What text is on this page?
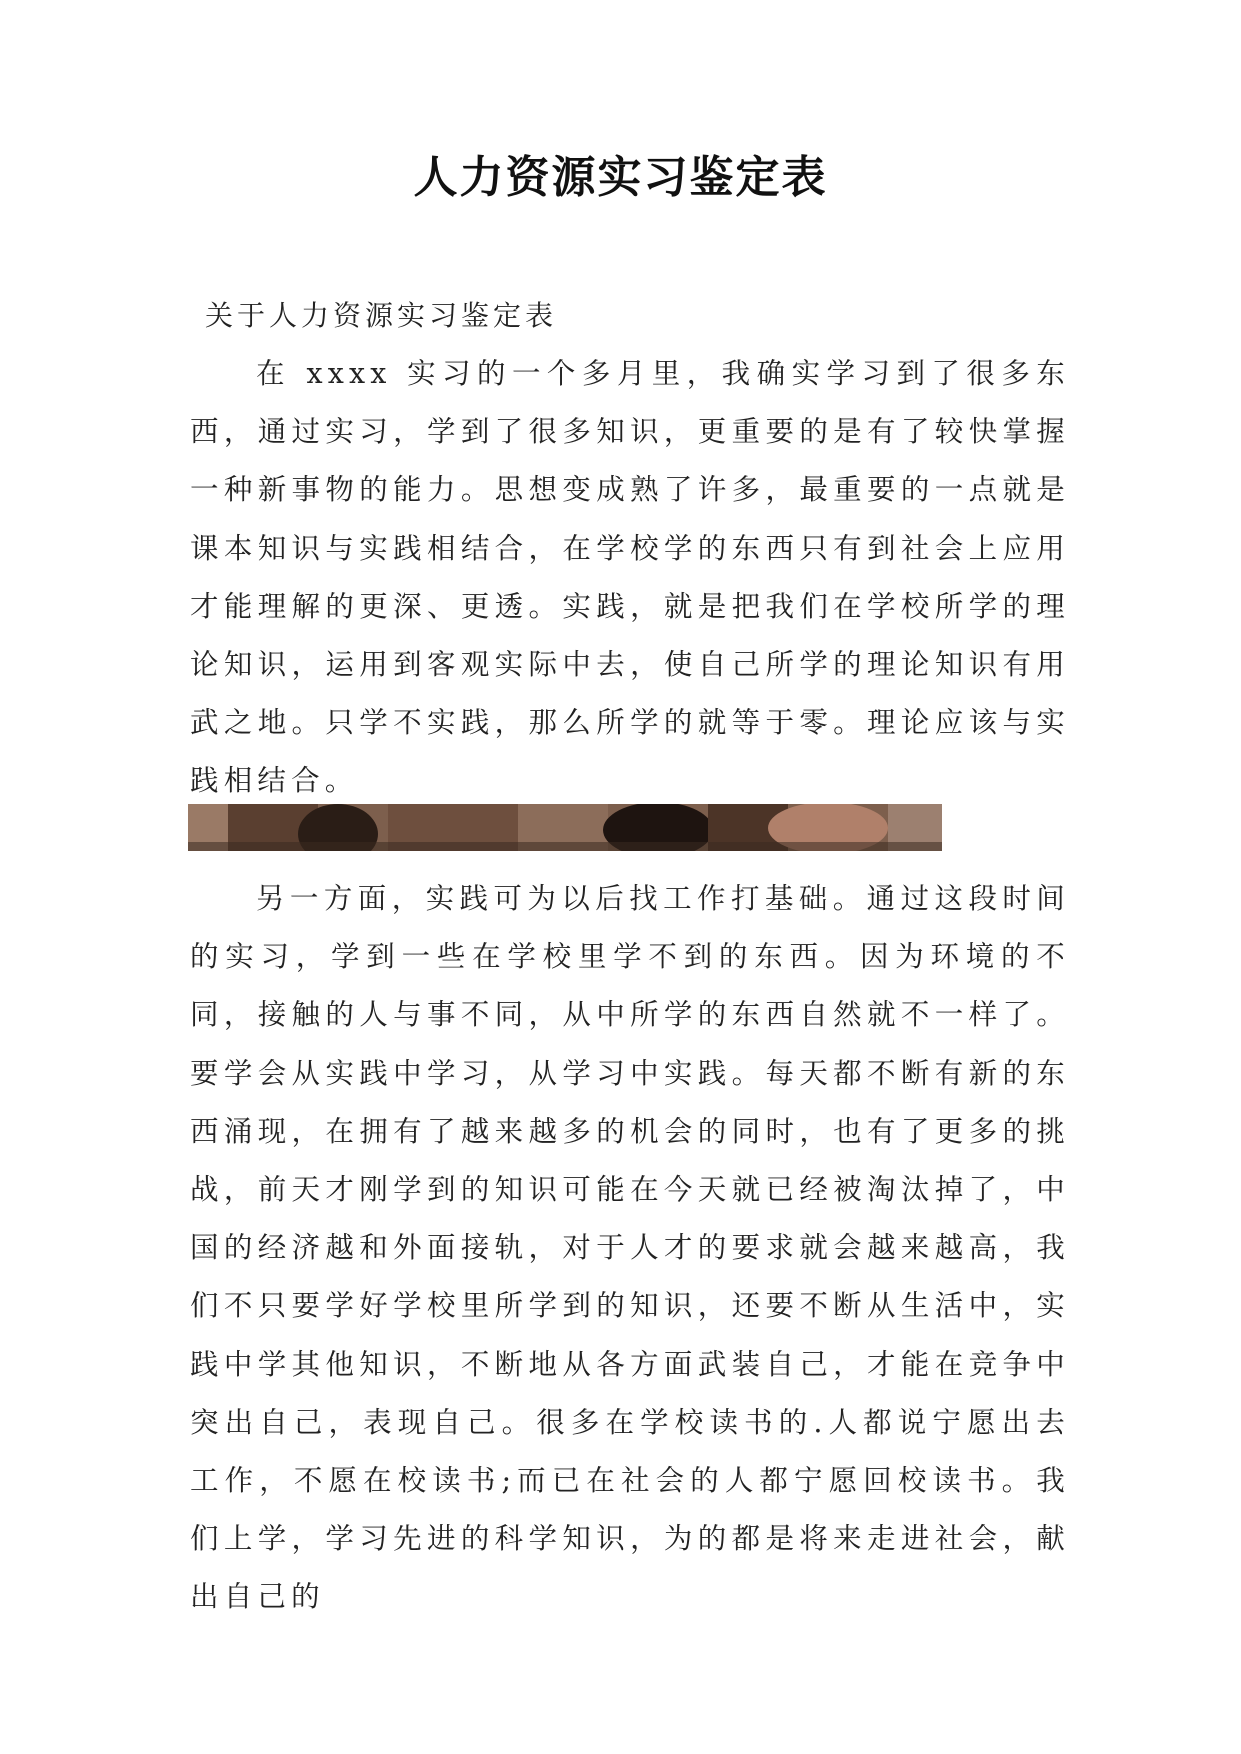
人力资源实习鉴定表
关于人力资源实习鉴定表

在 xxxx 实习的一个多月里，我确实学习到了很多东西，通过实习，学到了很多知识，更重要的是有了较快掌握一种新事物的能力。思想变成熟了许多，最重要的一点就是课本知识与实践相结合，在学校学的东西只有到社会上应用才能理解的更深、更透。实践，就是把我们在学校所学的理论知识，运用到客观实际中去，使自己所学的理论知识有用武之地。只学不实践，那么所学的就等于零。理论应该与实践相结合。

另一方面，实践可为以后找工作打基础。通过这段时间的实习，学到一些在学校里学不到的东西。因为环境的不同，接触的人与事不同，从中所学的东西自然就不一样了。要学会从实践中学习，从学习中实践。每天都不断有新的东西涌现，在拥有了越来越多的机会的同时，也有了更多的挑战，前天才刚学到的知识可能在今天就已经被淘汰掉了，中国的经济越和外面接轨，对于人才的要求就会越来越高，我们不只要学好学校里所学到的知识，还要不断从生活中，实践中学其他知识，不断地从各方面武装自己，才能在竞争中突出自己，表现自己。很多在学校读书的.人都说宁愿出去工作，不愿在校读书;而已在社会的人都宁愿回校读书。我们上学，学习先进的科学知识，为的都是将来走进社会，献出自己的
